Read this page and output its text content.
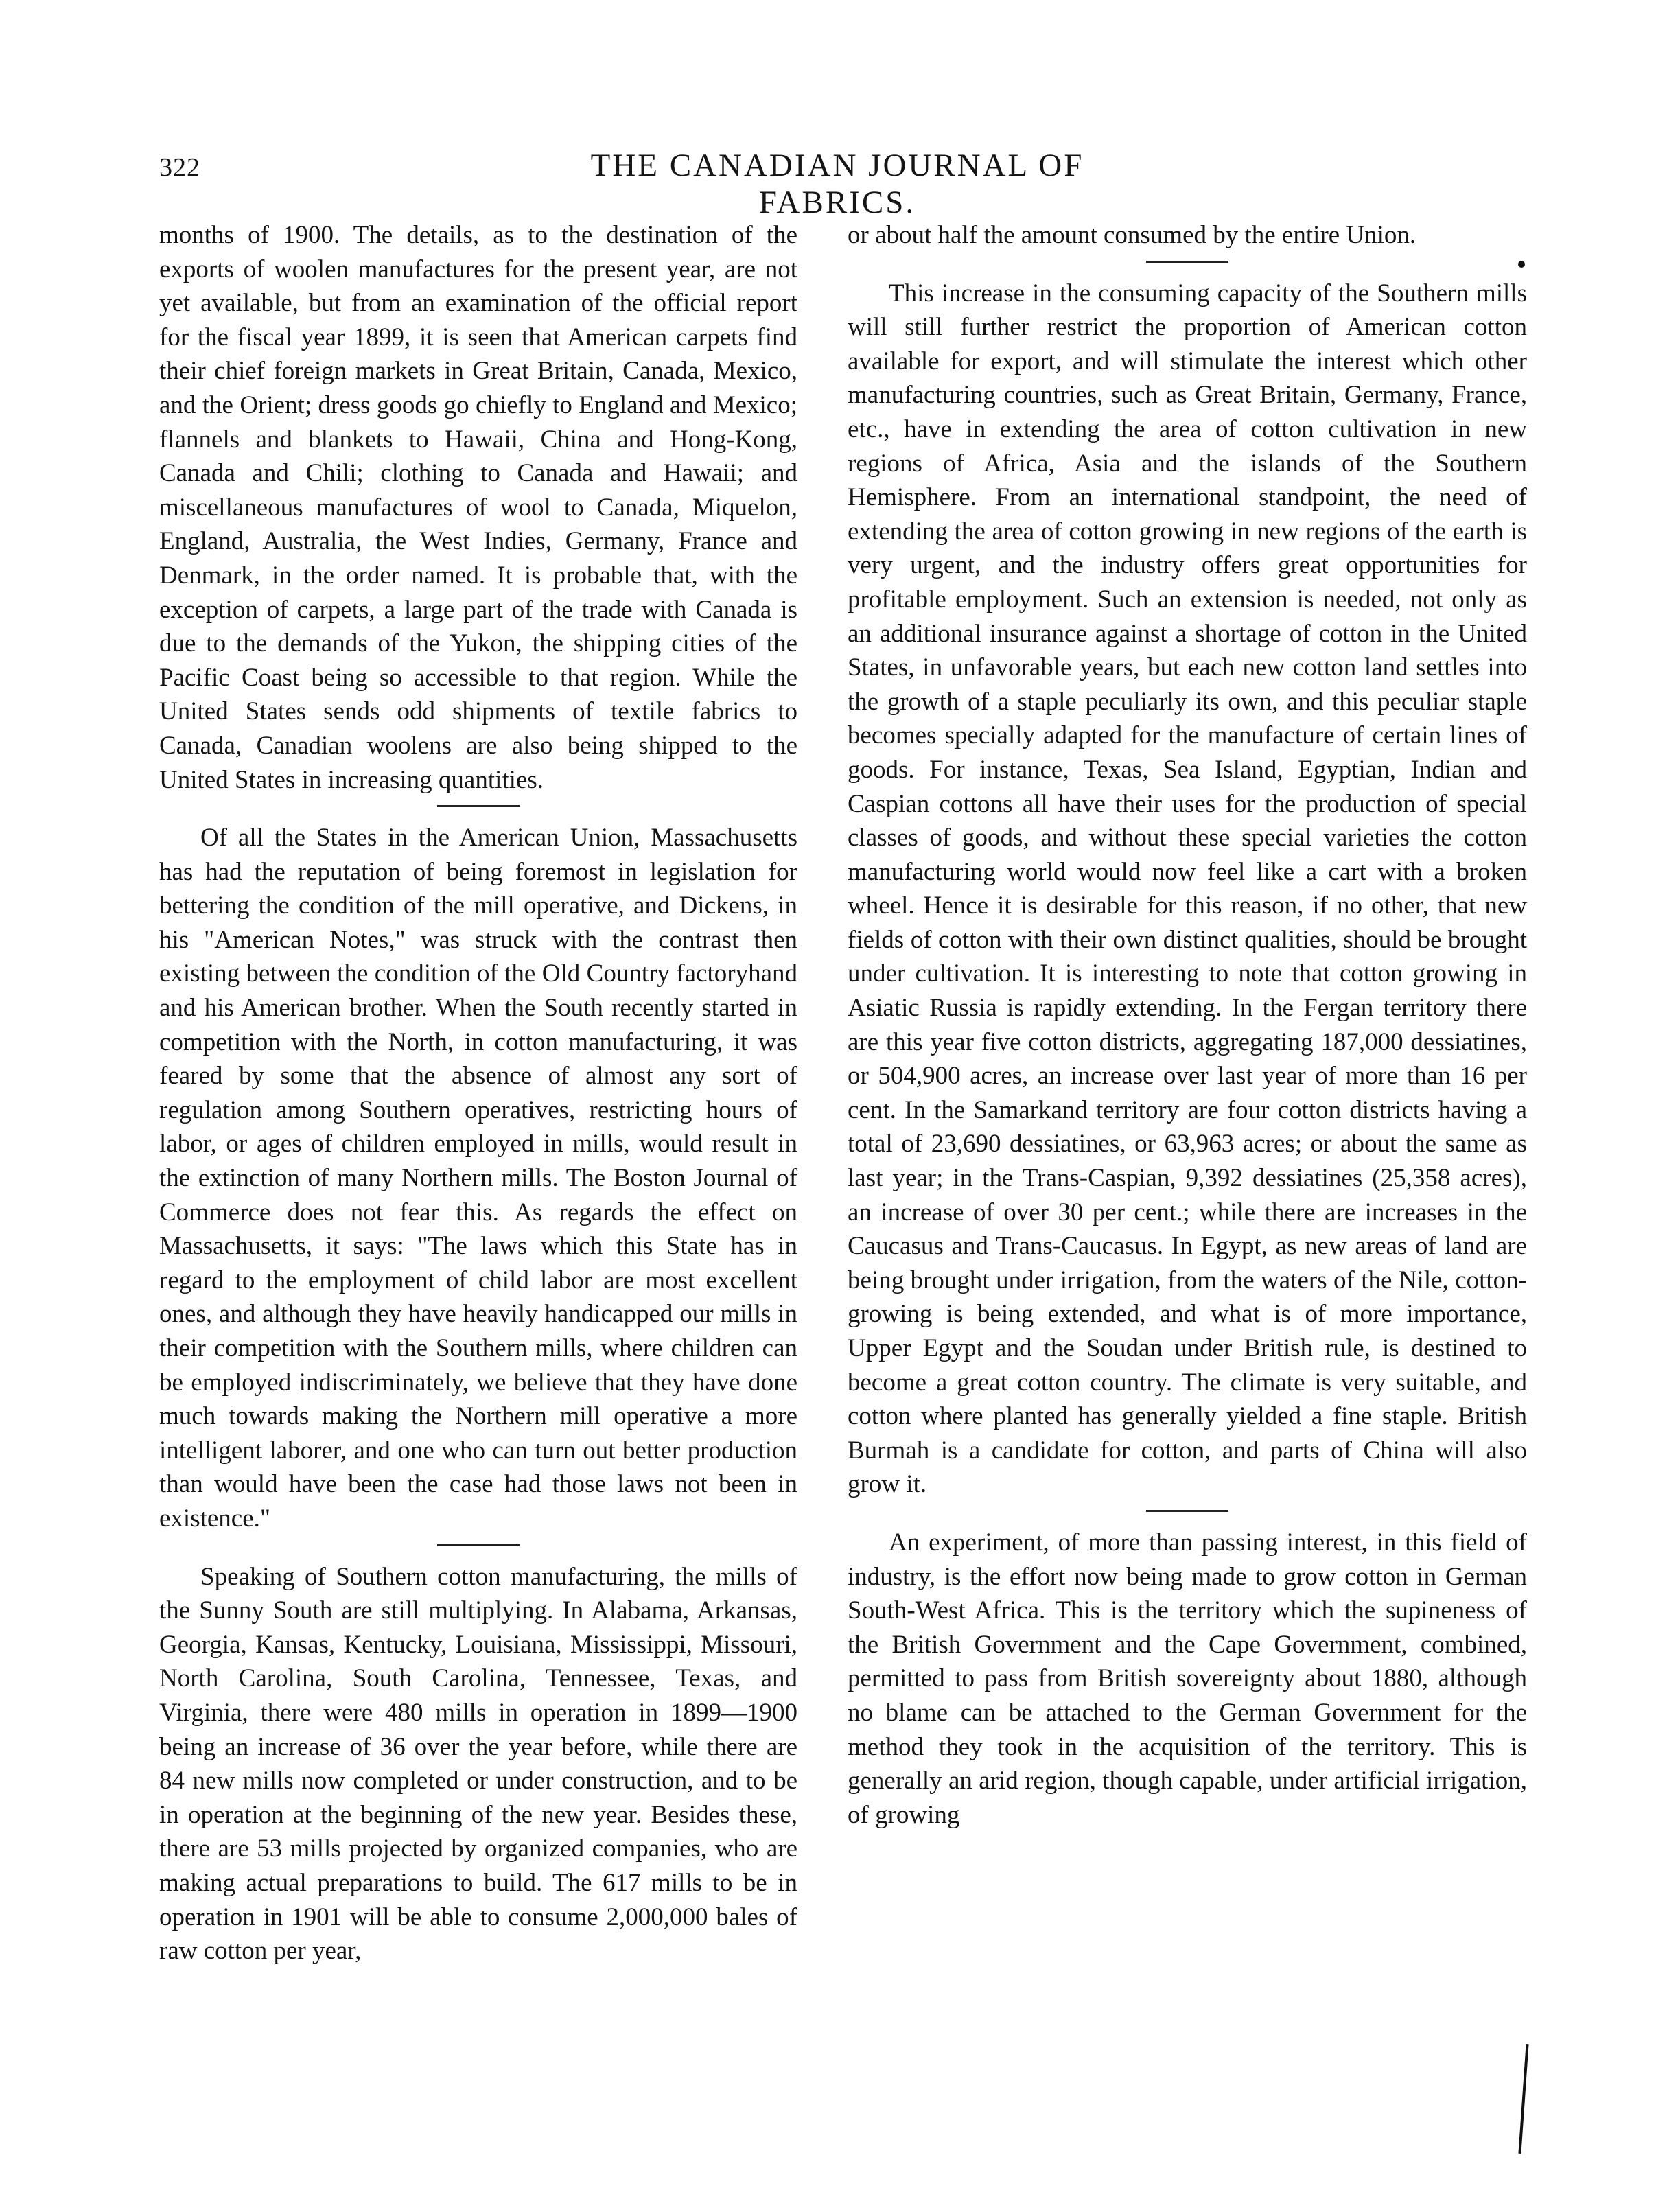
322	THE CANADIAN JOURNAL OF FABRICS.

months of 1900. The details, as to the destination of the exports of woolen manufactures for the present year, are not yet available, but from an examination of the official report for the fiscal year 1899, it is seen that American carpets find their chief foreign markets in Great Britain, Canada, Mexico, and the Orient; dress goods go chiefly to England and Mexico; flannels and blankets to Hawaii, China and Hong-Kong, Canada and Chili; clothing to Canada and Hawaii; and miscellaneous manufactures of wool to Canada, Miquelon, England, Australia, the West Indies, Germany, France and Denmark, in the order named. It is probable that, with the exception of carpets, a large part of the trade with Canada is due to the demands of the Yukon, the shipping cities of the Pacific Coast being so accessible to that region. While the United States sends odd shipments of textile fabrics to Canada, Canadian woolens are also being shipped to the United States in increasing quantities.

Of all the States in the American Union, Massachusetts has had the reputation of being foremost in legislation for bettering the condition of the mill operative, and Dickens, in his "American Notes," was struck with the contrast then existing between the condition of the Old Country factoryhand and his American brother. When the South recently started in competition with the North, in cotton manufacturing, it was feared by some that the absence of almost any sort of regulation among Southern operatives, restricting hours of labor, or ages of children employed in mills, would result in the extinction of many Northern mills. The Boston Journal of Commerce does not fear this. As regards the effect on Massachusetts, it says: "The laws which this State has in regard to the employment of child labor are most excellent ones, and although they have heavily handicapped our mills in their competition with the Southern mills, where children can be employed indiscriminately, we believe that they have done much towards making the Northern mill operative a more intelligent laborer, and one who can turn out better production than would have been the case had those laws not been in existence."

Speaking of Southern cotton manufacturing, the mills of the Sunny South are still multiplying. In Alabama, Arkansas, Georgia, Kansas, Kentucky, Louisiana, Mississippi, Missouri, North Carolina, South Carolina, Tennessee, Texas, and Virginia, there were 480 mills in operation in 1899—1900 being an increase of 36 over the year before, while there are 84 new mills now completed or under construction, and to be in operation at the beginning of the new year. Besides these, there are 53 mills projected by organized companies, who are making actual preparations to build. The 617 mills to be in operation in 1901 will be able to consume 2,000,000 bales of raw cotton per year,

or about half the amount consumed by the entire Union.

This increase in the consuming capacity of the Southern mills will still further restrict the proportion of American cotton available for export, and will stimulate the interest which other manufacturing countries, such as Great Britain, Germany, France, etc., have in extending the area of cotton cultivation in new regions of Africa, Asia and the islands of the Southern Hemisphere. From an international standpoint, the need of extending the area of cotton growing in new regions of the earth is very urgent, and the industry offers great opportunities for profitable employment. Such an extension is needed, not only as an additional insurance against a shortage of cotton in the United States, in unfavorable years, but each new cotton land settles into the growth of a staple peculiarly its own, and this peculiar staple becomes specially adapted for the manufacture of certain lines of goods. For instance, Texas, Sea Island, Egyptian, Indian and Caspian cottons all have their uses for the production of special classes of goods, and without these special varieties the cotton manufacturing world would now feel like a cart with a broken wheel. Hence it is desirable for this reason, if no other, that new fields of cotton with their own distinct qualities, should be brought under cultivation. It is interesting to note that cotton growing in Asiatic Russia is rapidly extending. In the Fergan territory there are this year five cotton districts, aggregating 187,000 dessiatines, or 504,900 acres, an increase over last year of more than 16 per cent. In the Samarkand territory are four cotton districts having a total of 23,690 dessiatines, or 63,963 acres; or about the same as last year; in the Trans-Caspian, 9,392 dessiatines (25,358 acres), an increase of over 30 per cent.; while there are increases in the Caucasus and Trans-Caucasus. In Egypt, as new areas of land are being brought under irrigation, from the waters of the Nile, cotton-growing is being extended, and what is of more importance, Upper Egypt and the Soudan under British rule, is destined to become a great cotton country. The climate is very suitable, and cotton where planted has generally yielded a fine staple. British Burmah is a candidate for cotton, and parts of China will also grow it.

An experiment, of more than passing interest, in this field of industry, is the effort now being made to grow cotton in German South-West Africa. This is the territory which the supineness of the British Government and the Cape Government, combined, permitted to pass from British sovereignty about 1880, although no blame can be attached to the German Government for the method they took in the acquisition of the territory. This is generally an arid region, though capable, under artificial irrigation, of growing
